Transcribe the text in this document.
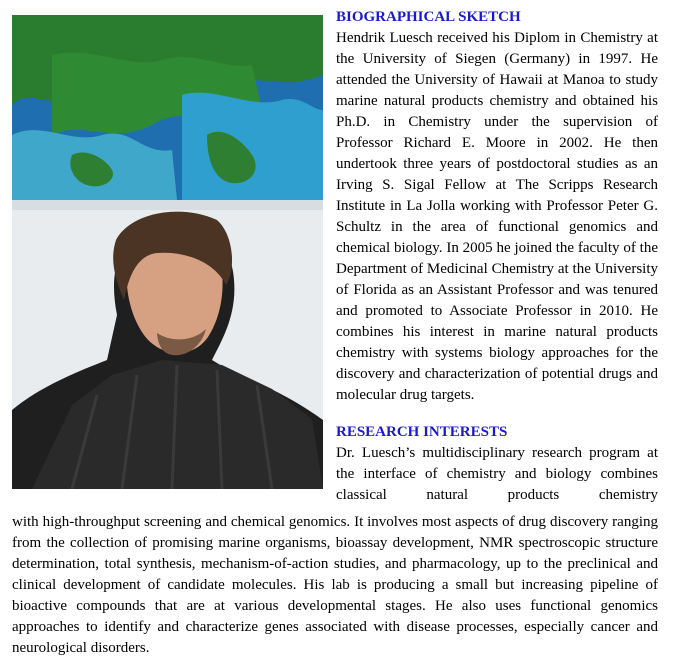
BIOGRAPHICAL SKETCH

Hendrik Luesch received his Diplom in Chemistry at the University of Siegen (Germany) in 1997. He attended the University of Hawaii at Manoa to study marine natural products chemistry and obtained his Ph.D. in Chemistry under the supervision of Professor Richard E. Moore in 2002. He then undertook three years of postdoctoral studies as an Irving S. Sigal Fellow at The Scripps Research Institute in La Jolla working with Professor Peter G. Schultz in the area of functional genomics and chemical biology. In 2005 he joined the faculty of the Department of Medicinal Chemistry at the University of Florida as an Assistant Professor and was tenured and promoted to Associate Professor in 2010. He combines his interest in marine natural products chemistry with systems biology approaches for the discovery and characterization of potential drugs and molecular drug targets.

RESEARCH INTERESTS

Dr. Luesch’s multidisciplinary research program at the interface of chemistry and biology combines classical natural products chemistry

with high-throughput screening and chemical genomics. It involves most aspects of drug discovery ranging from the collection of promising marine organisms, bioassay development, NMR spectroscopic structure determination, total synthesis, mechanism-of-action studies, and pharmacology, up to the preclinical and clinical development of candidate molecules. His lab is producing a small but increasing pipeline of bioactive compounds that are at various developmental stages. He also uses functional genomics approaches to identify and characterize genes associated with disease processes, especially cancer and neurological disorders.
